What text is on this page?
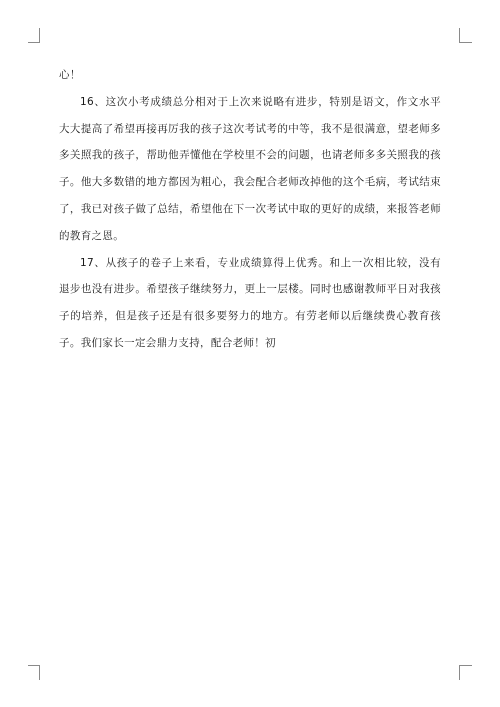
心！

16、这次小考成绩总分相对于上次来说略有进步，特别是语文，作文水平大大提高了希望再接再厉我的孩子这次考试考的中等，我不是很满意，望老师多多关照我的孩子，帮助他弄懂他在学校里不会的问题，也请老师多多关照我的孩子。他大多数错的地方都因为粗心，我会配合老师改掉他的这个毛病，考试结束了，我已对孩子做了总结，希望他在下一次考试中取的更好的成绩，来报答老师的教育之恩。

17、从孩子的卷子上来看，专业成绩算得上优秀。和上一次相比较，没有退步也没有进步。希望孩子继续努力，更上一层楼。同时也感谢教师平日对我孩子的培养，但是孩子还是有很多要努力的地方。有劳老师以后继续费心教育孩子。我们家长一定会鼎力支持，配合老师！初
